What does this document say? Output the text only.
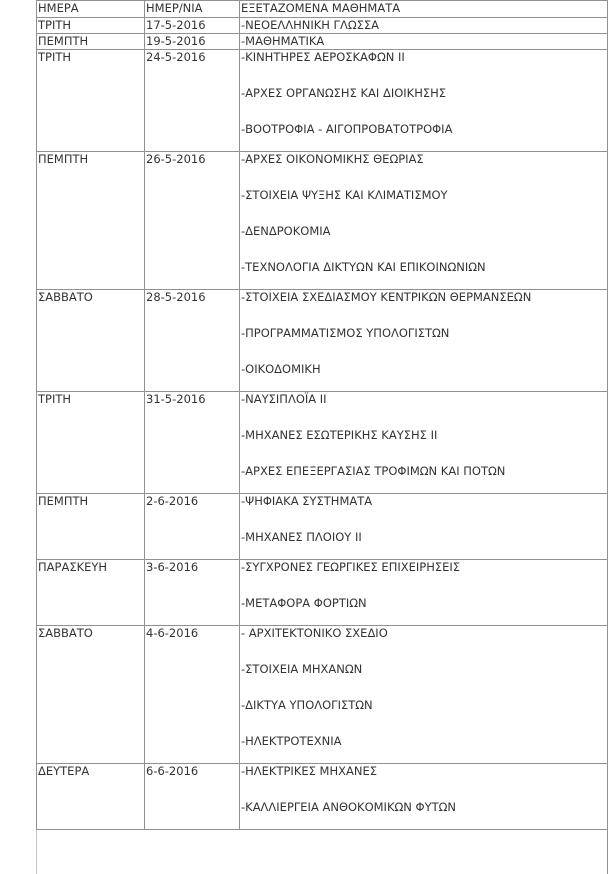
ΗΜΕΡΑ	ΗΜΕΡ/ΝΙΑ	ΕΞΕΤΑΖΟΜΕΝΑ ΜΑΘΗΜΑΤΑ
ΤΡΙΤΗ	17-5-2016	-ΝΕΟΕΛΛΗΝΙΚΗ ΓΛΩΣΣΑ

ΠΕΜΠΤΗ	19-5-2016	-ΜΑΘΗΜΑΤΙΚΑ

ΤΡΙΤΗ	24-5-2016	-ΚΙΝΗΤΗΡΕΣ ΑΕΡΟΣΚΑΦΩΝ ΙΙ
-ΑΡΧΕΣ ΟΡΓΑΝΩΣΗΣ ΚΑΙ ΔΙΟΙΚΗΣΗΣ
-ΒΟΟΤΡΟΦΙΑ - ΑΙΓΟΠΡΟΒΑΤΟΤΡΟΦΙΑ

ΠΕΜΠΤΗ	26-5-2016	-ΑΡΧΕΣ ΟΙΚΟΝΟΜΙΚΗΣ ΘΕΩΡΙΑΣ
-ΣΤΟΙΧΕΙΑ ΨΥΞΗΣ ΚΑΙ ΚΛΙΜΑΤΙΣΜΟΥ
-ΔΕΝΔΡΟΚΟΜΙΑ
-ΤΕΧΝΟΛΟΓΙΑ ΔΙΚΤΥΩΝ ΚΑΙ ΕΠΙΚΟΙΝΩΝΙΩΝ

ΣΑΒΒΑΤΟ	28-5-2016	-ΣΤΟΙΧΕΙΑ ΣΧΕΔΙΑΣΜΟΥ ΚΕΝΤΡΙΚΩΝ ΘΕΡΜΑΝΣΕΩΝ
-ΠΡΟΓΡΑΜΜΑΤΙΣΜΟΣ ΥΠΟΛΟΓΙΣΤΩΝ
-ΟΙΚΟΔΟΜΙΚΗ

ΤΡΙΤΗ	31-5-2016	-ΝΑΥΣΙΠΛΟΪΑ ΙΙ
-ΜΗΧΑΝΕΣ ΕΣΩΤΕΡΙΚΗΣ ΚΑΥΣΗΣ ΙΙ
-ΑΡΧΕΣ ΕΠΕΞΕΡΓΑΣΙΑΣ ΤΡΟΦΙΜΩΝ ΚΑΙ ΠΟΤΩΝ

ΠΕΜΠΤΗ	2-6-2016	-ΨΗΦΙΑΚΑ ΣΥΣΤΗΜΑΤΑ
-ΜΗΧΑΝΕΣ ΠΛΟΙΟΥ ΙΙ

ΠΑΡΑΣΚΕΥΗ	3-6-2016	-ΣΥΓΧΡΟΝΕΣ ΓΕΩΡΓΙΚΕΣ ΕΠΙΧΕΙΡΗΣΕΙΣ
-ΜΕΤΑΦΟΡΑ ΦΟΡΤΙΩΝ

ΣΑΒΒΑΤΟ	4-6-2016	- ΑΡΧΙΤΕΚΤΟΝΙΚΟ ΣΧΕΔΙΟ
-ΣΤΟΙΧΕΙΑ ΜΗΧΑΝΩΝ
-ΔΙΚΤΥΑ ΥΠΟΛΟΓΙΣΤΩΝ
-ΗΛΕΚΤΡΟΤΕΧΝΙΑ

ΔΕΥΤΕΡΑ	6-6-2016	-ΗΛΕΚΤΡΙΚΕΣ ΜΗΧΑΝΕΣ
-ΚΑΛΛΙΕΡΓΕΙΑ ΑΝΘΟΚΟΜΙΚΩΝ ΦΥΤΩΝ
